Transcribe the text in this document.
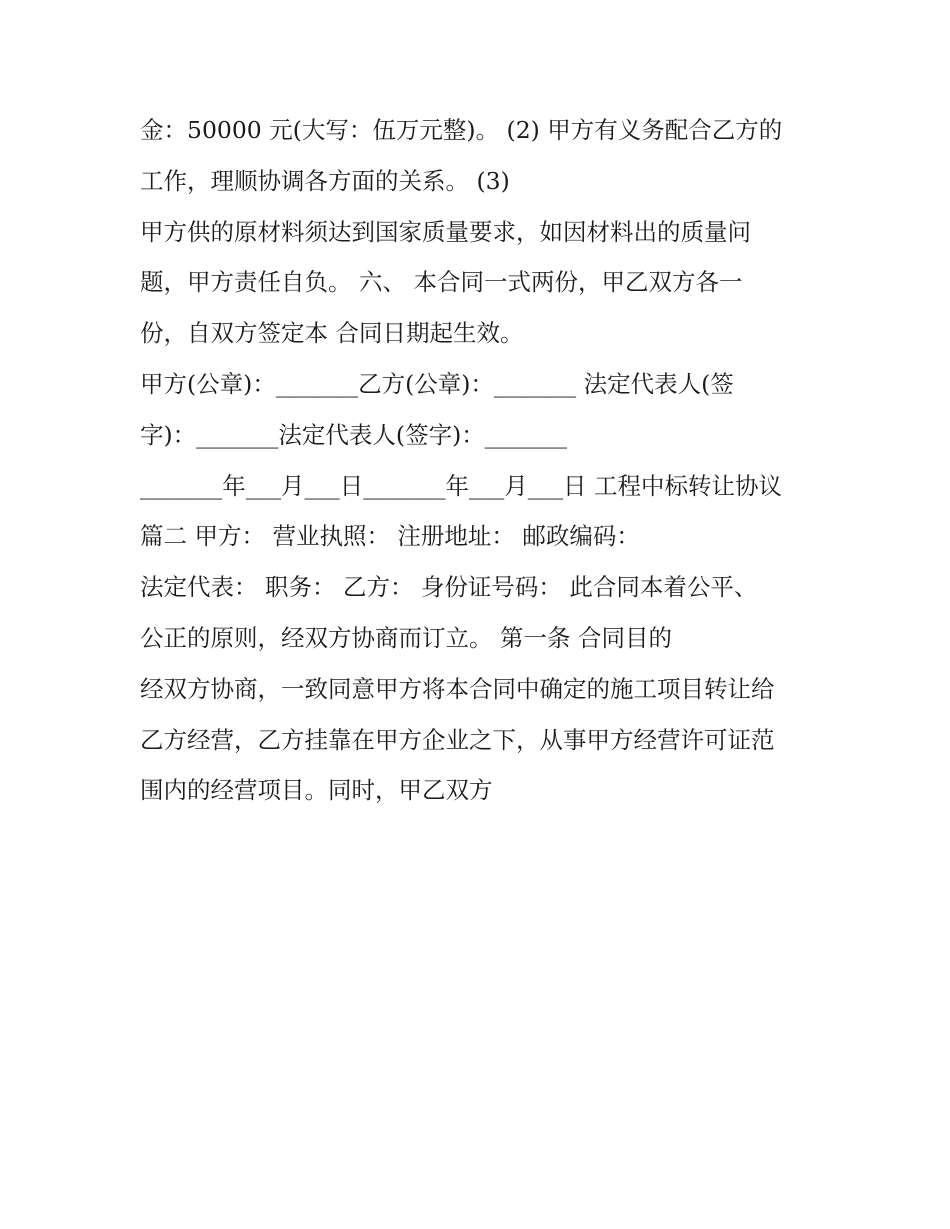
金：50000 元(大写：伍万元整)。 (2) 甲方有义务配合乙方的
工作，理顺协调各方面的关系。 (3)
甲方供的原材料须达到国家质量要求，如因材料出的质量问
题，甲方责任自负。 六、 本合同一式两份，甲乙双方各一
份，自双方签定本 合同日期起生效。
甲方(公章)：_______乙方(公章)：_______ 法定代表人(签
字)：_______法定代表人(签字)：_______
_______年___月___日_______年___月___日 工程中标转让协议
篇二 甲方： 营业执照： 注册地址： 邮政编码：
法定代表： 职务： 乙方： 身份证号码： 此合同本着公平、
公正的原则，经双方协商而订立。 第一条 合同目的
经双方协商，一致同意甲方将本合同中确定的施工项目转让给
乙方经营，乙方挂靠在甲方企业之下，从事甲方经营许可证范
围内的经营项目。同时，甲乙双方
